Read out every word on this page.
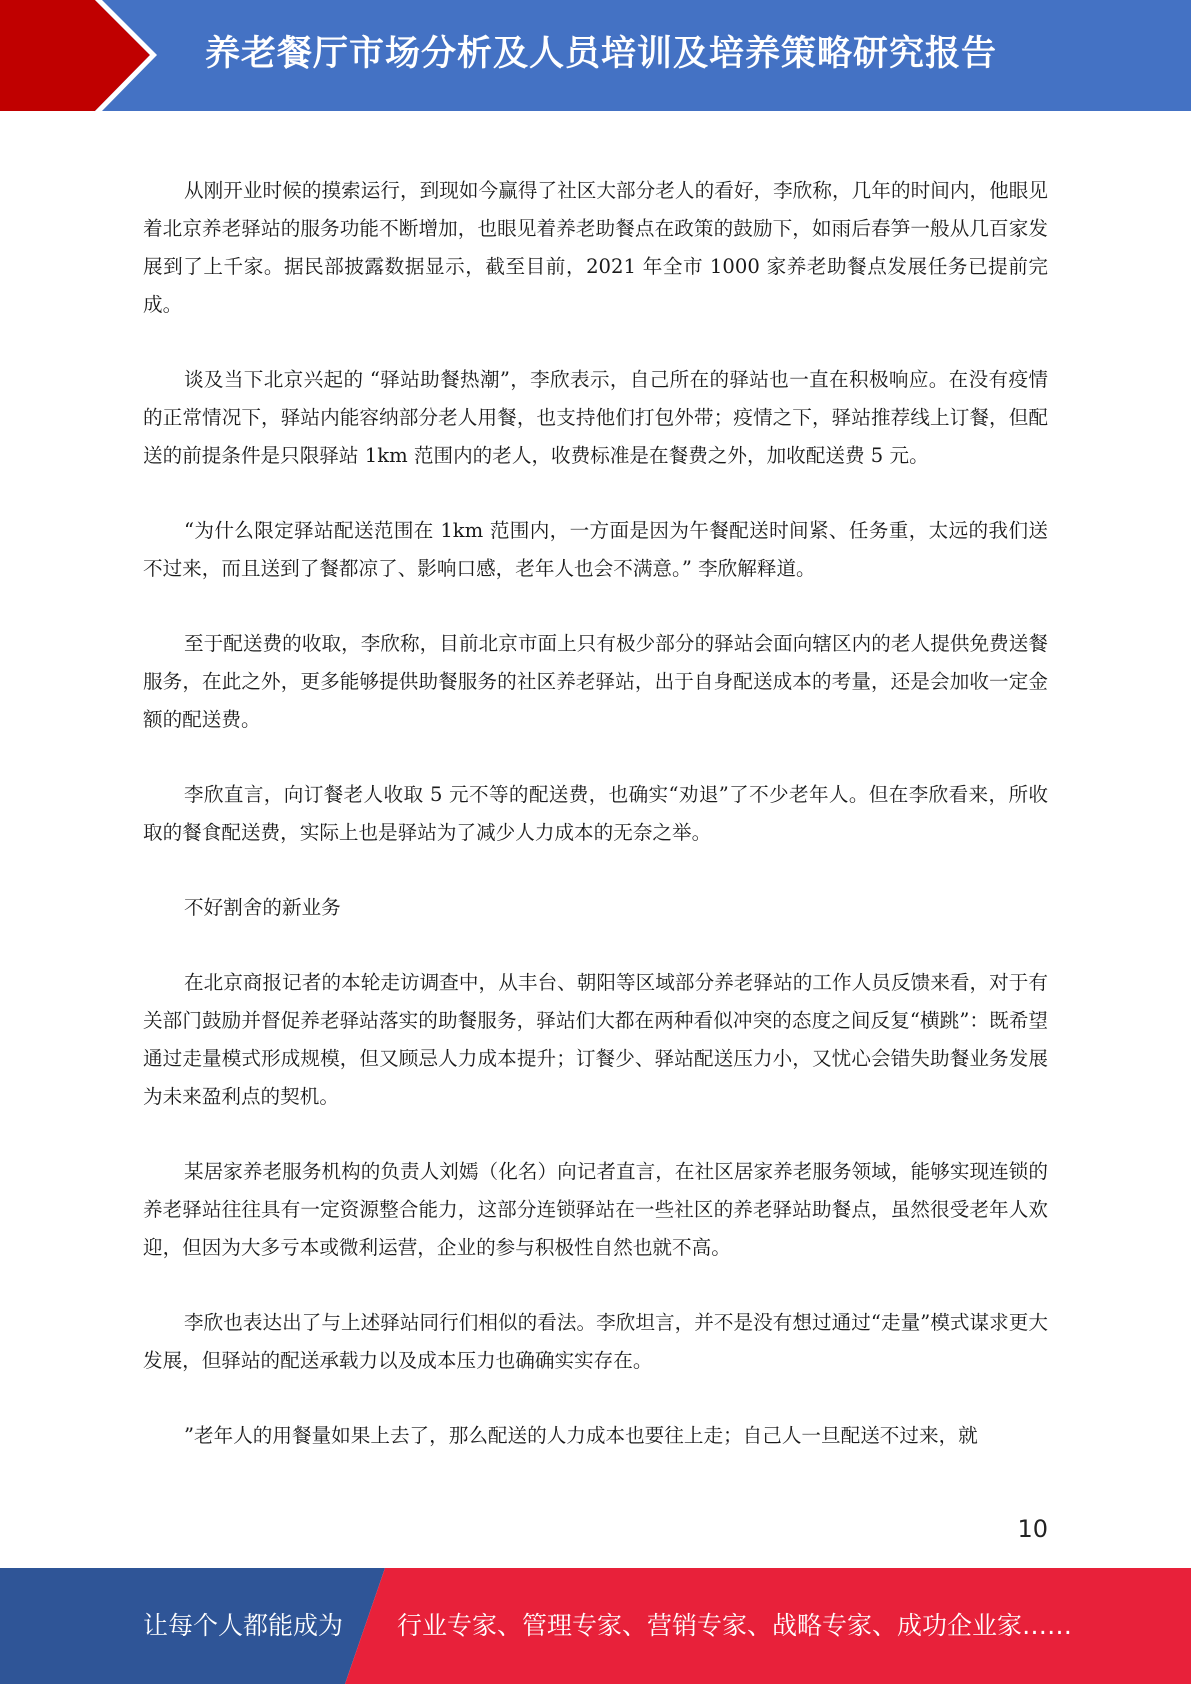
养老餐厅市场分析及人员培训及培养策略研究报告

从刚开业时候的摸索运行，到现如今赢得了社区大部分老人的看好，李欣称，几年的时间内，他眼见着北京养老驿站的服务功能不断增加，也眼见着养老助餐点在政策的鼓励下，如雨后春笋一般从几百家发展到了上千家。据民部披露数据显示，截至目前，2021 年全市 1000 家养老助餐点发展任务已提前完成。

谈及当下北京兴起的 “驿站助餐热潮”，李欣表示，自己所在的驿站也一直在积极响应。在没有疫情的正常情况下，驿站内能容纳部分老人用餐，也支持他们打包外带；疫情之下，驿站推荐线上订餐，但配送的前提条件是只限驿站 1km 范围内的老人，收费标准是在餐费之外，加收配送费 5 元。

“为什么限定驿站配送范围在 1km 范围内，一方面是因为午餐配送时间紧、任务重，太远的我们送不过来，而且送到了餐都凉了、影响口感，老年人也会不满意。” 李欣解释道。

至于配送费的收取，李欣称，目前北京市面上只有极少部分的驿站会面向辖区内的老人提供免费送餐服务，在此之外，更多能够提供助餐服务的社区养老驿站，出于自身配送成本的考量，还是会加收一定金额的配送费。

李欣直言，向订餐老人收取 5 元不等的配送费，也确实“劝退”了不少老年人。但在李欣看来，所收取的餐食配送费，实际上也是驿站为了减少人力成本的无奈之举。

不好割舍的新业务

在北京商报记者的本轮走访调查中，从丰台、朝阳等区域部分养老驿站的工作人员反馈来看，对于有关部门鼓励并督促养老驿站落实的助餐服务，驿站们大都在两种看似冲突的态度之间反复“横跳”：既希望通过走量模式形成规模，但又顾忌人力成本提升；订餐少、驿站配送压力小，又忧心会错失助餐业务发展为未来盈利点的契机。

某居家养老服务机构的负责人刘嫣（化名）向记者直言，在社区居家养老服务领域，能够实现连锁的养老驿站往往具有一定资源整合能力，这部分连锁驿站在一些社区的养老驿站助餐点，虽然很受老年人欢迎，但因为大多亏本或微利运营，企业的参与积极性自然也就不高。

李欣也表达出了与上述驿站同行们相似的看法。李欣坦言，并不是没有想过通过“走量”模式谋求更大发展，但驿站的配送承载力以及成本压力也确确实实存在。

”老年人的用餐量如果上去了，那么配送的人力成本也要往上走；自己人一旦配送不过来，就

10
让每个人都能成为 行业专家、管理专家、营销专家、战略专家、成功企业家……
